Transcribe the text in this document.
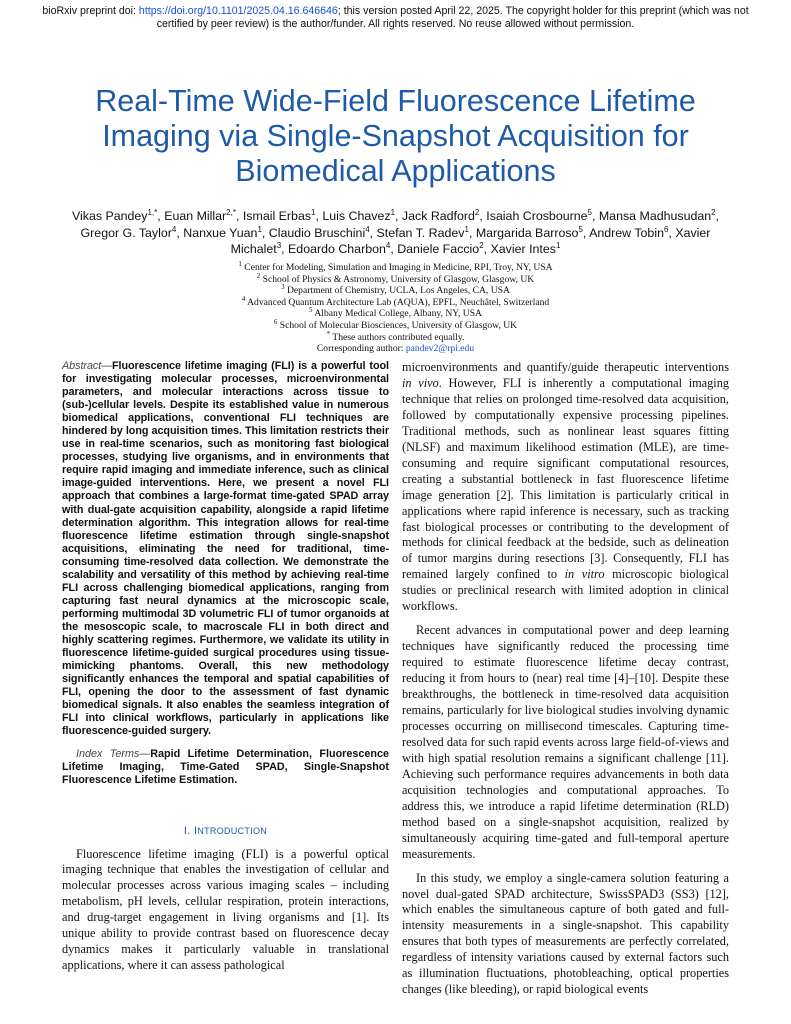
bioRxiv preprint doi: https://doi.org/10.1101/2025.04.16.646646; this version posted April 22, 2025. The copyright holder for this preprint (which was not certified by peer review) is the author/funder. All rights reserved. No reuse allowed without permission.
Real-Time Wide-Field Fluorescence Lifetime Imaging via Single-Snapshot Acquisition for Biomedical Applications
Vikas Pandey$^{1,*}$, Euan Millar$^{2,*}$, Ismail Erbas$^1$, Luis Chavez$^1$, Jack Radford$^2$, Isaiah Crosbourne$^5$, Mansa Madhusudan$^2$, Gregor G. Taylor$^4$, Nanxue Yuan$^1$, Claudio Bruschini$^4$, Stefan T. Radev$^1$, Margarida Barroso$^5$, Andrew Tobin$^6$, Xavier Michalet$^3$, Edoardo Charbon$^4$, Daniele Faccio$^2$, Xavier Intes$^1$
$^1$ Center for Modeling, Simulation and Imaging in Medicine, RPI, Troy, NY, USA
$^2$ School of Physics & Astronomy, University of Glasgow, Glasgow, UK
$^3$ Department of Chemistry, UCLA, Los Angeles, CA, USA
$^4$ Advanced Quantum Architecture Lab (AQUA), EPFL, Neuchâtel, Switzerland
$^5$ Albany Medical College, Albany, NY, USA
$^6$ School of Molecular Biosciences, University of Glasgow, UK
* These authors contributed equally.
Corresponding author: pandev2@rpi.edu

Abstract—Fluorescence lifetime imaging (FLI) is a powerful tool for investigating molecular processes, microenvironmental parameters, and molecular interactions across tissue to (sub-)cellular levels. Despite its established value in numerous biomedical applications, conventional FLI techniques are hindered by long acquisition times. This limitation restricts their use in real-time scenarios, such as monitoring fast biological processes, studying live organisms, and in environments that require rapid imaging and immediate inference, such as clinical image-guided interventions. Here, we present a novel FLI approach that combines a large-format time-gated SPAD array with dual-gate acquisition capability, alongside a rapid lifetime determination algorithm. This integration allows for real-time fluorescence lifetime estimation through single-snapshot acquisitions, eliminating the need for traditional, time-consuming time-resolved data collection. We demonstrate the scalability and versatility of this method by achieving real-time FLI across challenging biomedical applications, ranging from capturing fast neural dynamics at the microscopic scale, performing multimodal 3D volumetric FLI of tumor organoids at the mesoscopic scale, to macroscale FLI in both direct and highly scattering regimes. Furthermore, we validate its utility in fluorescence lifetime-guided surgical procedures using tissue-mimicking phantoms. Overall, this new methodology significantly enhances the temporal and spatial capabilities of FLI, opening the door to the assessment of fast dynamic biomedical signals. It also enables the seamless integration of FLI into clinical workflows, particularly in applications like fluorescence-guided surgery.

Index Terms—Rapid Lifetime Determination, Fluorescence Lifetime Imaging, Time-Gated SPAD, Single-Snapshot Fluorescence Lifetime Estimation.

I. INTRODUCTION

Fluorescence lifetime imaging (FLI) is a powerful optical imaging technique that enables the investigation of cellular and molecular processes across various imaging scales – including metabolism, pH levels, cellular respiration, protein interactions, and drug-target engagement in living organisms and [1]. Its unique ability to provide contrast based on fluorescence decay dynamics makes it particularly valuable in translational applications, where it can assess pathological

microenvironments and quantify/guide therapeutic interventions in vivo. However, FLI is inherently a computational imaging technique that relies on prolonged time-resolved data acquisition, followed by computationally expensive processing pipelines. Traditional methods, such as nonlinear least squares fitting (NLSF) and maximum likelihood estimation (MLE), are time-consuming and require significant computational resources, creating a substantial bottleneck in fast fluorescence lifetime image generation [2]. This limitation is particularly critical in applications where rapid inference is necessary, such as tracking fast biological processes or contributing to the development of methods for clinical feedback at the bedside, such as delineation of tumor margins during resections [3]. Consequently, FLI has remained largely confined to in vitro microscopic biological studies or preclinical research with limited adoption in clinical workflows.

Recent advances in computational power and deep learning techniques have significantly reduced the processing time required to estimate fluorescence lifetime decay contrast, reducing it from hours to (near) real time [4]–[10]. Despite these breakthroughs, the bottleneck in time-resolved data acquisition remains, particularly for live biological studies involving dynamic processes occurring on millisecond timescales. Capturing time-resolved data for such rapid events across large field-of-views and with high spatial resolution remains a significant challenge [11]. Achieving such performance requires advancements in both data acquisition technologies and computational approaches. To address this, we introduce a rapid lifetime determination (RLD) method based on a single-snapshot acquisition, realized by simultaneously acquiring time-gated and full-temporal aperture measurements.

In this study, we employ a single-camera solution featuring a novel dual-gated SPAD architecture, SwissSPAD3 (SS3) [12], which enables the simultaneous capture of both gated and full-intensity measurements in a single-snapshot. This capability ensures that both types of measurements are perfectly correlated, regardless of intensity variations caused by external factors such as illumination fluctuations, photobleaching, optical properties changes (like bleeding), or rapid biological events
